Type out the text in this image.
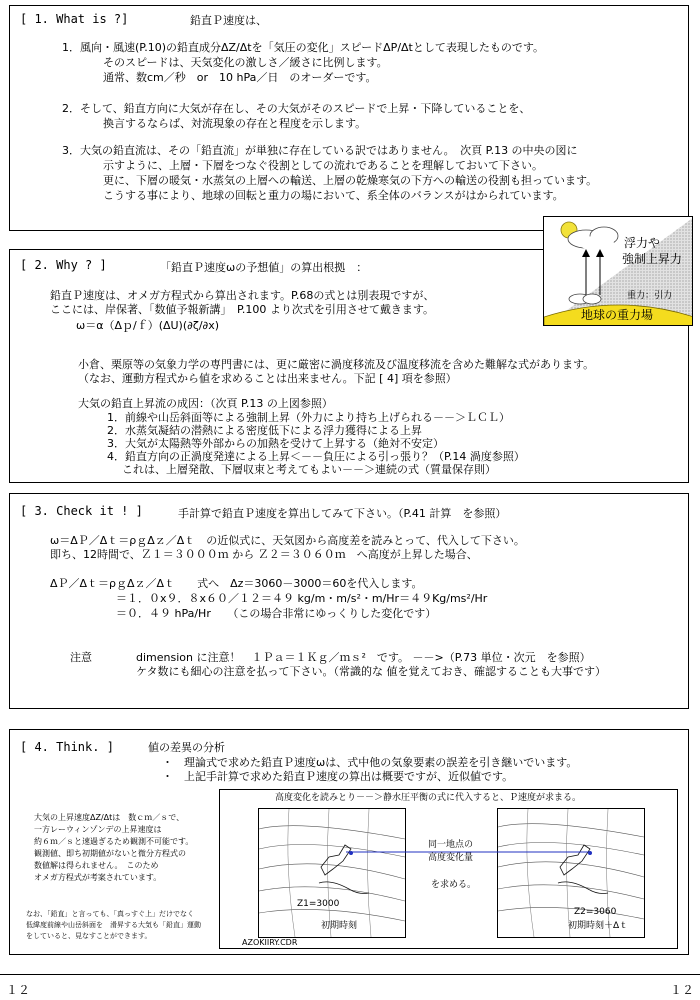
[ 1. What is ?]	鉛直Ｐ速度は、
1．風向・風速(P.10)の鉛直成分ΔZ/Δtを「気圧の変化」スピードΔP/Δtとして表現したものです。
そのスピードは、天気変化の激しさ／緩さに比例します。
通常、数cm／秒　or　10 hPa／日　のオーダーです。
2．そして、鉛直方向に大気が存在し、その大気がそのスピードで上昇・下降していることを、
換言するならば、対流現象の存在と程度を示します。
3．大気の鉛直流は、その「鉛直流」が単独に存在している訳ではありません。　次頁 P.13 の中央の図に
示すように、上層・下層をつなぐ役割としての流れであることを理解しておいて下さい。
更に、下層の暖気・水蒸気の上層への輸送、上層の乾燥寒気の下方への輸送の役割も担っています。
こうする事により、地球の回転と重力の場において、系全体のバランスがはかられています。
[ 2. Why ? ]	「鉛直Ｐ速度ωの予想値」の算出根拠　：
鉛直Ｐ速度は、オメガ方程式から算出されます。P.68の式とは別表現ですが、
ここには、岸保著、「数値予報新講」　P.100 より次式を引用させて戴きます。
ω＝α（Δｐ/ｆ）(ΔU)(∂ζ/∂x)
小倉、栗原等の気象力学の専門書には、更に厳密に渦度移流及び温度移流を含めた難解な式があります。
（なお、運動方程式から値を求めることは出来ません。下記 [ 4] 項を参照）
大気の鉛直上昇流の成因：（次頁 P.13 の上図参照）
1．前線や山岳斜面等による強制上昇（外力により持ち上げられる－－＞ＬＣＬ）
2．水蒸気凝結の潜熱による密度低下による浮力獲得による上昇
3．大気が太陽熱等外部からの加熱を受けて上昇する（絶対不安定）
4．鉛直方向の正渦度発達による上昇＜－－負圧による引っ張り？（P.14 渦度参照）
これは、上層発散、下層収束と考えてもよい－－＞連続の式（質量保存則）
浮力や
強制上昇力
重力：引力
地球の重力場
[ 3. Check it ! ]	手計算で鉛直Ｐ速度を算出してみて下さい。（P.41 計算　を参照）
ω＝ΔＰ／Δｔ＝ρｇΔｚ／Δｔ　の近似式に、天気図から高度差を読みとって、代入して下さい。
即ち、12時間で、Ｚ１＝３０００ｍ から Ｚ２＝３０６０ｍ　へ高度が上昇した場合、
ΔＰ／Δｔ＝ρｇΔｚ／Δｔ　　式へ　Δz＝3060－3000＝60を代入します。
＝１．０x９．８x６０／１２＝４９ kg/m・m/s²・m/Hr＝４９Kg/ms²/Hr
＝０．４９ hPa/Hr　　（この場合非常にゆっくりした変化です）
注意	dimension に注意！　１Ｐａ＝１Ｋｇ／ｍｓ²　です。 －－>（P.73 単位・次元　を参照）
ケタ数にも細心の注意を払って下さい。（常識的な 値を覚えておき、確認することも大事です）
[ 4. Think. ]	値の差異の分析
・　理論式で求めた鉛直Ｐ速度ωは、式中他の気象要素の誤差を引き継いでいます。
・　上記手計算で求めた鉛直Ｐ速度の算出は概要ですが、近似値です。
大気の上昇速度ΔZ/Δtは　数ｃｍ／ｓで、
一方レーウィンゾンデの上昇速度は
約６ｍ／ｓと速過ぎるため観測不可能です。
観測値、即ち初期値がないと微分方程式の
数値解は得られません。　このため
オメガ方程式が考案されています。
なお、「鉛直」と言っても、「真っすぐ上」だけでなく
低緯度前線や山岳斜面を　滑昇する大気も「鉛直」運動
をしていると、見なすことができます。
高度変化を読みとり－－＞静水圧平衡の式に代入すると、Ｐ速度が求まる。
Z1=3000
初期時刻
Z2=3060
初期時刻＋Δｔ
同一地点の
高度変化量
を求める。
AZOKIIRY.CDR
１２	１２
